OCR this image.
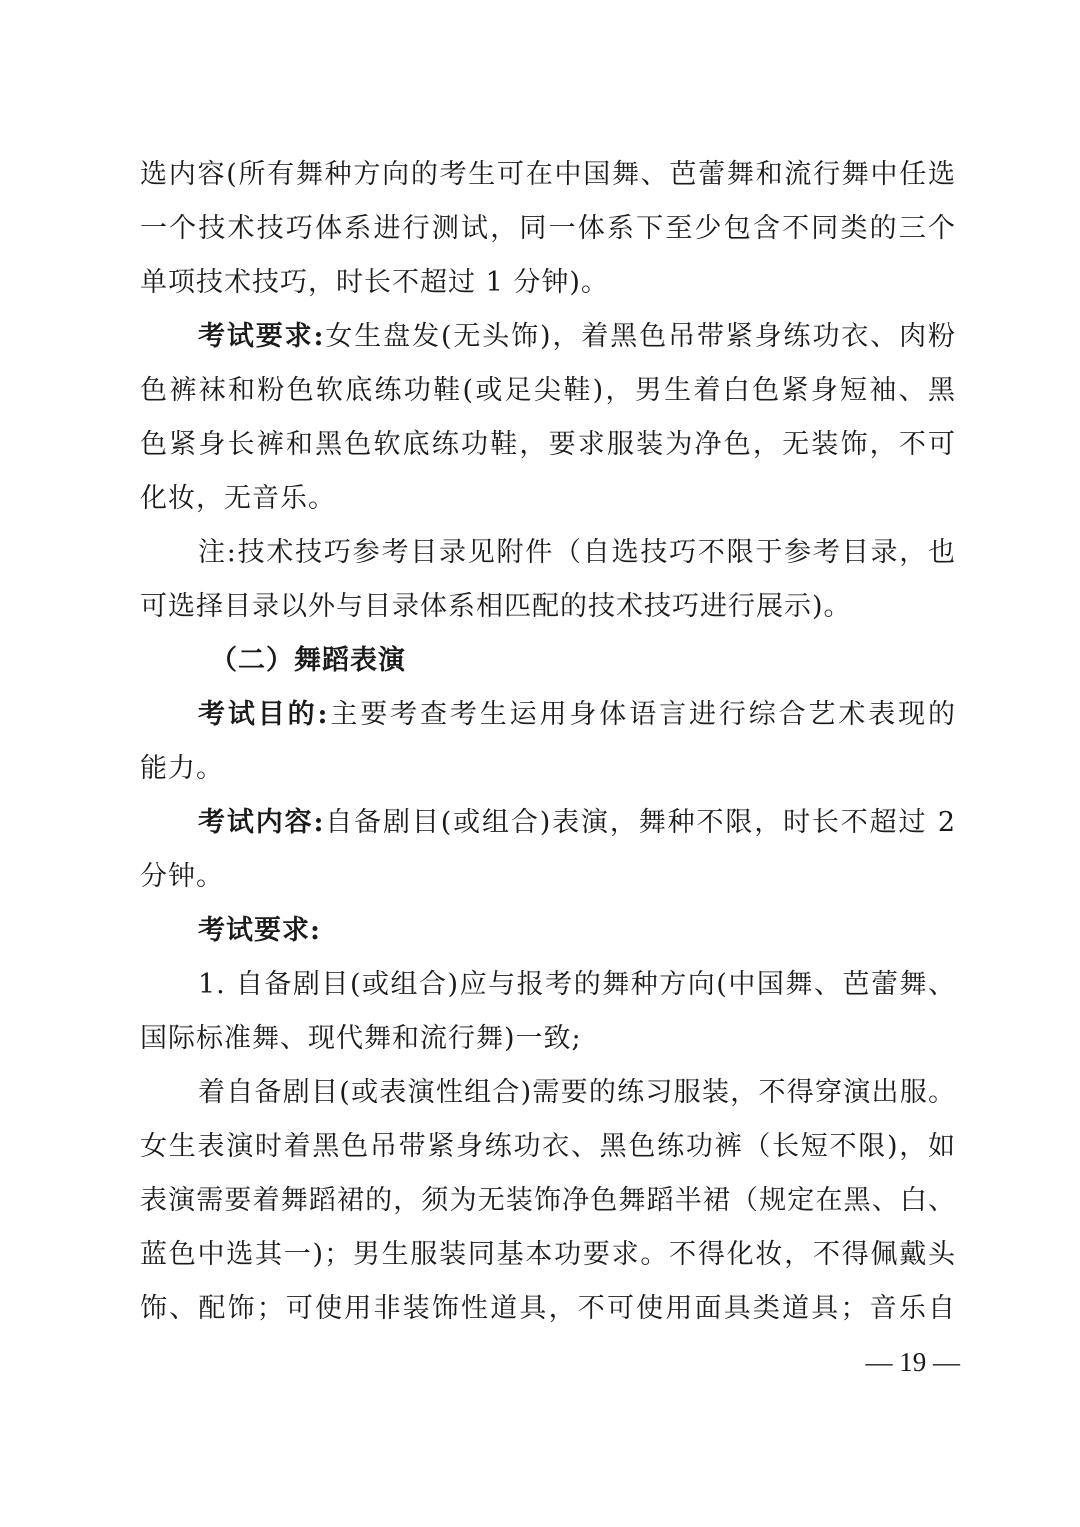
选内容(所有舞种方向的考生可在中国舞、芭蕾舞和流行舞中任选
一个技术技巧体系进行测试，同一体系下至少包含不同类的三个
单项技术技巧，时长不超过 1 分钟)。
考试要求:女生盘发(无头饰)，着黑色吊带紧身练功衣、肉粉
色裤袜和粉色软底练功鞋(或足尖鞋)，男生着白色紧身短袖、黑
色紧身长裤和黑色软底练功鞋，要求服装为净色，无装饰，不可
化妆，无音乐。
注:技术技巧参考目录见附件（自选技巧不限于参考目录，也
可选择目录以外与目录体系相匹配的技术技巧进行展示)。
（二）舞蹈表演
考试目的:主要考查考生运用身体语言进行综合艺术表现的
能力。
考试内容:自备剧目(或组合)表演，舞种不限，时长不超过 2
分钟。
考试要求:
1. 自备剧目(或组合)应与报考的舞种方向(中国舞、芭蕾舞、
国际标准舞、现代舞和流行舞)一致;
着自备剧目(或表演性组合)需要的练习服装，不得穿演出服。
女生表演时着黑色吊带紧身练功衣、黑色练功裤（长短不限)，如
表演需要着舞蹈裙的，须为无装饰净色舞蹈半裙（规定在黑、白、
蓝色中选其一)；男生服装同基本功要求。不得化妆，不得佩戴头
饰、配饰；可使用非装饰性道具，不可使用面具类道具；音乐自
— 19 —
